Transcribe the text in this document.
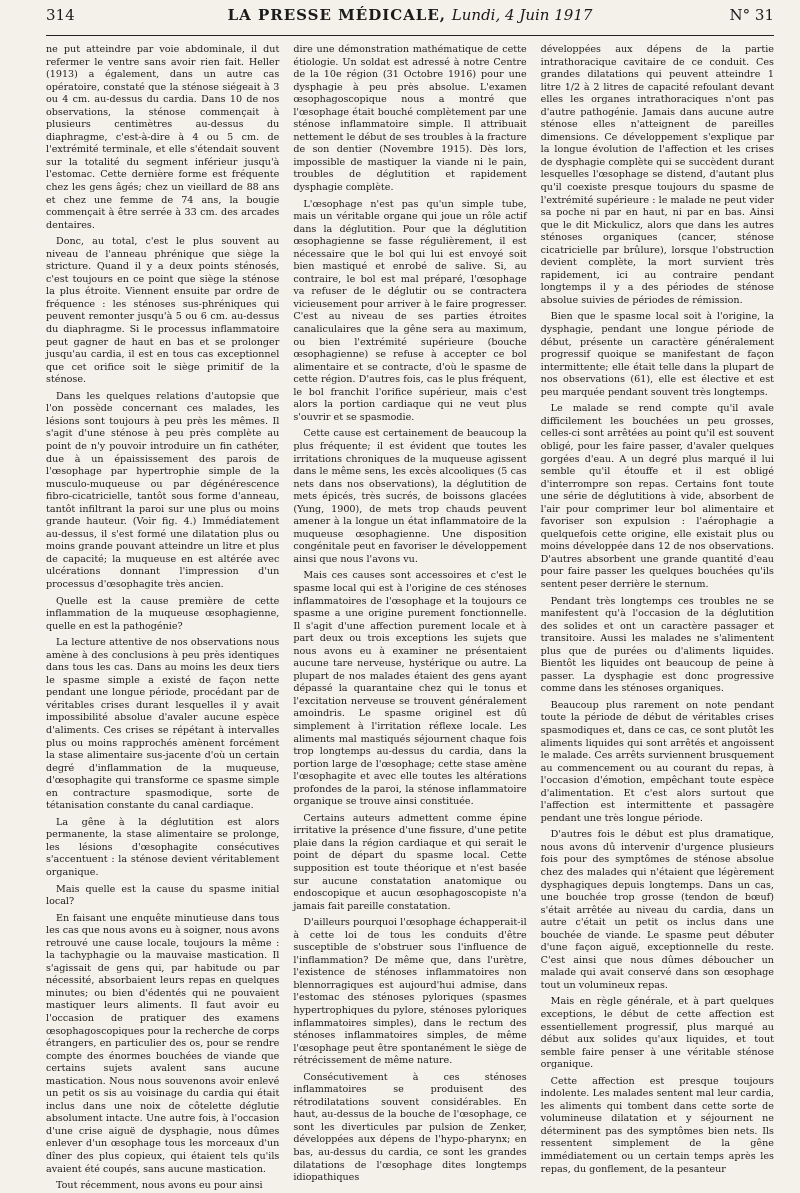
314	LA PRESSE MÉDICALE, Lundi, 4 Juin 1917	N° 31

ne put atteindre par voie abdominale, il dut refermer le ventre sans avoir rien fait. Heller (1913) a également, dans un autre cas opératoire, constaté que la sténose siégeait à 3 ou 4 cm. au-dessus du cardia. Dans 10 de nos observations, la sténose commençait à plusieurs centimètres au-dessus du diaphragme, c'est-à-dire à 4 ou 5 cm. de l'extrémité terminale, et elle s'étendait souvent sur la totalité du segment inférieur jusqu'à l'estomac. Cette dernière forme est fréquente chez les gens âgés; chez un vieillard de 88 ans et chez une femme de 74 ans, la bougie commençait à être serrée à 33 cm. des arcades dentaires.

Donc, au total, c'est le plus souvent au niveau de l'anneau phrénique que siège la stricture. Quand il y a deux points sténosés, c'est toujours en ce point que siège la sténose la plus étroite. Viennent ensuite par ordre de fréquence : les sténoses sus-phréniques qui peuvent remonter jusqu'à 5 ou 6 cm. au-dessus du diaphragme. Si le processus inflammatoire peut gagner de haut en bas et se prolonger jusqu'au cardia, il est en tous cas exceptionnel que cet orifice soit le siège primitif de la sténose.

Dans les quelques relations d'autopsie que l'on possède concernant ces malades, les lésions sont toujours à peu près les mêmes. Il s'agit d'une sténose à peu près complète au point de n'y pouvoir introduire un fin cathéter, due à un épaississement des parois de l'œsophage par hypertrophie simple de la musculo-muqueuse ou par dégénérescence fibro-cicatricielle, tantôt sous forme d'anneau, tantôt infiltrant la paroi sur une plus ou moins grande hauteur. (Voir fig. 4.) Immédiatement au-dessus, il s'est formé une dilatation plus ou moins grande pouvant atteindre un litre et plus de capacité; la muqueuse en est altérée avec ulcérations donnant l'impression d'un processus d'œsophagite très ancien.

Quelle est la cause première de cette inflammation de la muqueuse œsophagienne, quelle en est la pathogénie?

La lecture attentive de nos observations nous amène à des conclusions à peu près identiques dans tous les cas. Dans au moins les deux tiers le spasme simple a existé de façon nette pendant une longue période, procédant par de véritables crises durant lesquelles il y avait impossibilité absolue d'avaler aucune espèce d'aliments. Ces crises se répétant à intervalles plus ou moins rapprochés amènent forcément la stase alimentaire sus-jacente d'où un certain degré d'inflammation de la muqueuse, d'œsophagite qui transforme ce spasme simple en contracture spasmodique, sorte de tétanisation constante du canal cardiaque.

La gêne à la déglutition est alors permanente, la stase alimentaire se prolonge, les lésions d'œsophagite consécutives s'accentuent : la sténose devient véritablement organique.

Mais quelle est la cause du spasme initial local?

En faisant une enquête minutieuse dans tous les cas que nous avons eu à soigner, nous avons retrouvé une cause locale, toujours la même : la tachyphagie ou la mauvaise mastication. Il s'agissait de gens qui, par habitude ou par nécessité, absorbaient leurs repas en quelques minutes; ou bien d'édentés qui ne pouvaient mastiquer leurs aliments. Il faut avoir eu l'occasion de pratiquer des examens œsophagoscopiques pour la recherche de corps étrangers, en particulier des os, pour se rendre compte des énormes bouchées de viande que certains sujets avalent sans aucune mastication. Nous nous souvenons avoir enlevé un petit os sis au voisinage du cardia qui était inclus dans une noix de côtelette déglutie absolument intacte. Une autre fois, à l'occasion d'une crise aiguë de dysphagie, nous dûmes enlever d'un œsophage tous les morceaux d'un dîner des plus copieux, qui étaient tels qu'ils avaient été coupés, sans aucune mastication.

Tout récemment, nous avons eu pour ainsi

dire une démonstration mathématique de cette étiologie. Un soldat est adressé à notre Centre de la 10e région (31 Octobre 1916) pour une dysphagie à peu près absolue. L'examen œsophagoscopique nous a montré que l'œsophage était bouché complètement par une sténose inflammatoire simple. Il attribuait nettement le début de ses troubles à la fracture de son dentier (Novembre 1915). Dès lors, impossible de mastiquer la viande ni le pain, troubles de déglutition et rapidement dysphagie complète.

L'œsophage n'est pas qu'un simple tube, mais un véritable organe qui joue un rôle actif dans la déglutition. Pour que la déglutition œsophagienne se fasse régulièrement, il est nécessaire que le bol qui lui est envoyé soit bien mastiqué et enrobé de salive. Si, au contraire, le bol est mal préparé, l'œsophage va refuser de le déglutir ou se contractera vicieusement pour arriver à le faire progresser. C'est au niveau de ses parties étroites canaliculaires que la gêne sera au maximum, ou bien l'extrémité supérieure (bouche œsophagienne) se refuse à accepter ce bol alimentaire et se contracte, d'où le spasme de cette région. D'autres fois, cas le plus fréquent, le bol franchit l'orifice supérieur, mais c'est alors la portion cardiaque qui ne veut plus s'ouvrir et se spasmodie.

Cette cause est certainement de beaucoup la plus fréquente; il est évident que toutes les irritations chroniques de la muqueuse agissent dans le même sens, les excès alcooliques (5 cas nets dans nos observations), la déglutition de mets épicés, très sucrés, de boissons glacées (Yung, 1900), de mets trop chauds peuvent amener à la longue un état inflammatoire de la muqueuse œsophagienne. Une disposition congénitale peut en favoriser le développement ainsi que nous l'avons vu.

Mais ces causes sont accessoires et c'est le spasme local qui est à l'origine de ces sténoses inflammatoires de l'œsophage et la toujours ce spasme a une origine purement fonctionnelle. Il s'agit d'une affection purement locale et à part deux ou trois exceptions les sujets que nous avons eu à examiner ne présentaient aucune tare nerveuse, hystérique ou autre. La plupart de nos malades étaient des gens ayant dépassé la quarantaine chez qui le tonus et l'excitation nerveuse se trouvent généralement amoindris. Le spasme originel est dû simplement à l'irritation réflexe locale. Les aliments mal mastiqués séjournent chaque fois trop longtemps au-dessus du cardia, dans la portion large de l'œsophage; cette stase amène l'œsophagite et avec elle toutes les altérations profondes de la paroi, la sténose inflammatoire organique se trouve ainsi constituée.

Certains auteurs admettent comme épine irritative la présence d'une fissure, d'une petite plaie dans la région cardiaque et qui serait le point de départ du spasme local. Cette supposition est toute théorique et n'est basée sur aucune constatation anatomique ou endoscopique et aucun œsophagoscopiste n'a jamais fait pareille constatation.

D'ailleurs pourquoi l'œsophage échapperait-il à cette loi de tous les conduits d'être susceptible de s'obstruer sous l'influence de l'inflammation? De même que, dans l'urètre, l'existence de sténoses inflammatoires non blennorragiques est aujourd'hui admise, dans l'estomac des sténoses pyloriques (spasmes hypertrophiques du pylore, sténoses pyloriques inflammatoires simples), dans le rectum des sténoses inflammatoires simples, de même l'œsophage peut être spontanément le siège de rétrécissement de même nature.

Consécutivement à ces sténoses inflammatoires se produisent des rétrodilatations souvent considérables. En haut, au-dessus de la bouche de l'œsophage, ce sont les diverticules par pulsion de Zenker, développées aux dépens de l'hypo-pharynx; en bas, au-dessus du cardia, ce sont les grandes dilatations de l'œsophage dites longtemps idiopathiques

développées aux dépens de la partie intrathoracique cavitaire de ce conduit. Ces grandes dilatations qui peuvent atteindre 1 litre 1/2 à 2 litres de capacité refoulant devant elles les organes intrathoraciques n'ont pas d'autre pathogénie. Jamais dans aucune autre sténose elles n'atteignent de pareilles dimensions. Ce développement s'explique par la longue évolution de l'affection et les crises de dysphagie complète qui se succèdent durant lesquelles l'œsophage se distend, d'autant plus qu'il coexiste presque toujours du spasme de l'extrémité supérieure : le malade ne peut vider sa poche ni par en haut, ni par en bas. Ainsi que le dit Mickulicz, alors que dans les autres sténoses organiques (cancer, sténose cicatricielle par brûlure), lorsque l'obstruction devient complète, la mort survient très rapidement, ici au contraire pendant longtemps il y a des périodes de sténose absolue suivies de périodes de rémission.

Bien que le spasme local soit à l'origine, la dysphagie, pendant une longue période de début, présente un caractère généralement progressif quoique se manifestant de façon intermittente; elle était telle dans la plupart de nos observations (61), elle est élective et est peu marquée pendant souvent très longtemps.

Le malade se rend compte qu'il avale difficilement les bouchées un peu grosses, celles-ci sont arrêtées au point qu'il est souvent obligé, pour les faire passer, d'avaler quelques gorgées d'eau. A un degré plus marqué il lui semble qu'il étouffe et il est obligé d'interrompre son repas. Certains font toute une série de déglutitions à vide, absorbent de l'air pour comprimer leur bol alimentaire et favoriser son expulsion : l'aérophagie a quelquefois cette origine, elle existait plus ou moins développée dans 12 de nos observations. D'autres absorbent une grande quantité d'eau pour faire passer les quelques bouchées qu'ils sentent peser derrière le sternum.

Pendant très longtemps ces troubles ne se manifestent qu'à l'occasion de la déglutition des solides et ont un caractère passager et transitoire. Aussi les malades ne s'alimentent plus que de purées ou d'aliments liquides. Bientôt les liquides ont beaucoup de peine à passer. La dysphagie est donc progressive comme dans les sténoses organiques.

Beaucoup plus rarement on note pendant toute la période de début de véritables crises spasmodiques et, dans ce cas, ce sont plutôt les aliments liquides qui sont arrêtés et angoissent le malade. Ces arrêts surviennent brusquement au commencement ou au courant du repas, à l'occasion d'émotion, empêchant toute espèce d'alimentation. Et c'est alors surtout que l'affection est intermittente et passagère pendant une très longue période.

D'autres fois le début est plus dramatique, nous avons dû intervenir d'urgence plusieurs fois pour des symptômes de sténose absolue chez des malades qui n'étaient que légèrement dysphagiques depuis longtemps. Dans un cas, une bouchée trop grosse (tendon de bœuf) s'était arrêtée au niveau du cardia, dans un autre c'était un petit os inclus dans une bouchée de viande. Le spasme peut débuter d'une façon aiguë, exceptionnelle du reste. C'est ainsi que nous dûmes déboucher un malade qui avait conservé dans son œsophage tout un volumineux repas.

Mais en règle générale, et à part quelques exceptions, le début de cette affection est essentiellement progressif, plus marqué au début aux solides qu'aux liquides, et tout semble faire penser à une véritable sténose organique.

Cette affection est presque toujours indolente. Les malades sentent mal leur cardia, les aliments qui tombent dans cette sorte de volumineuse dilatation et y séjournent ne déterminent pas des symptômes bien nets. Ils ressentent simplement de la gêne immédiatement ou un certain temps après les repas, du gonflement, de la pesanteur
